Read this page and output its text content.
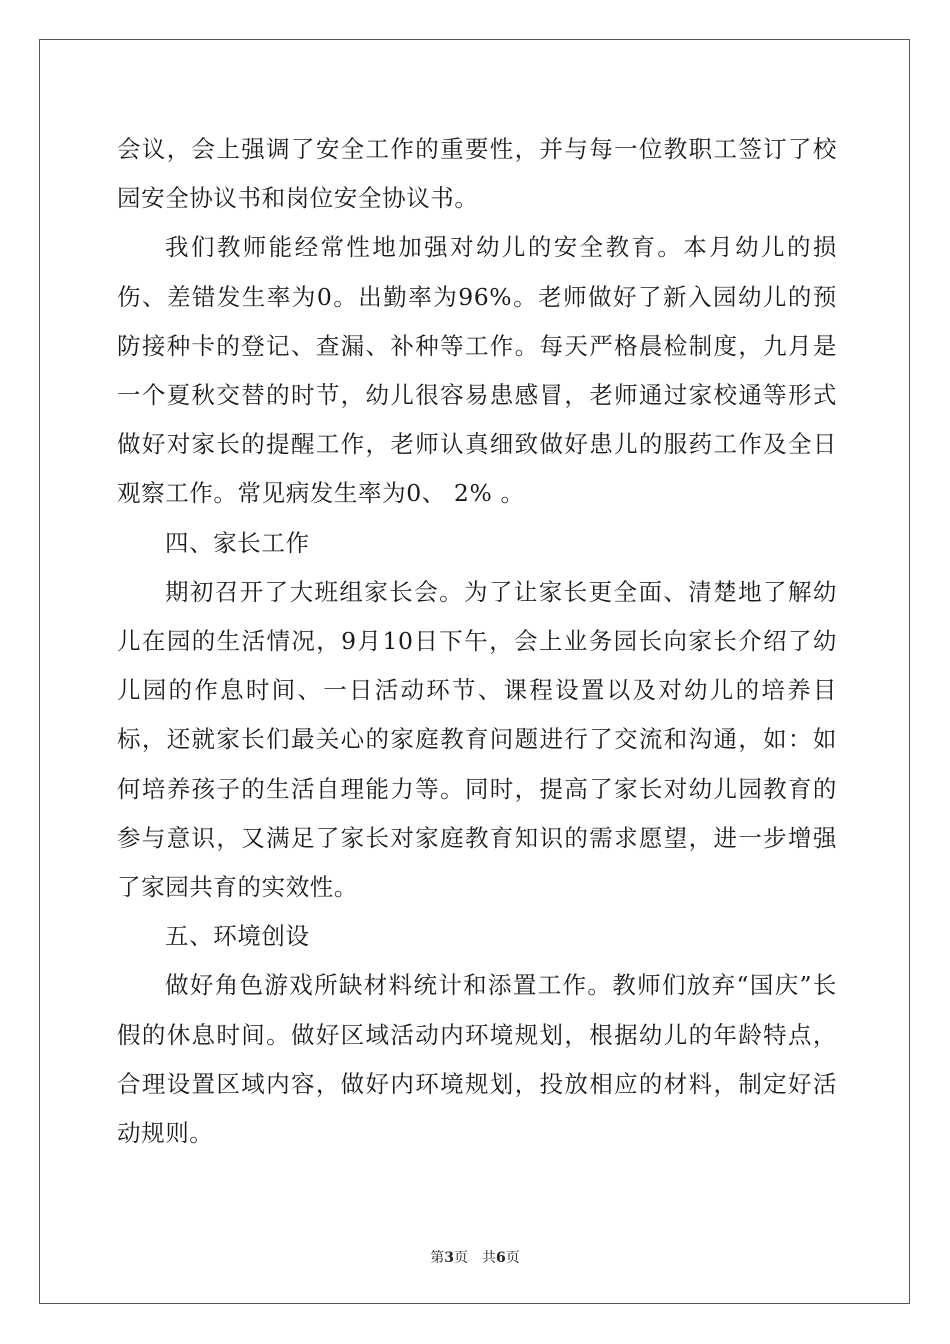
会议，会上强调了安全工作的重要性，并与每一位教职工签订了校园安全协议书和岗位安全协议书。

我们教师能经常性地加强对幼儿的安全教育。本月幼儿的损伤、差错发生率为0。出勤率为96%。老师做好了新入园幼儿的预防接种卡的登记、查漏、补种等工作。每天严格晨检制度，九月是一个夏秋交替的时节，幼儿很容易患感冒，老师通过家校通等形式做好对家长的提醒工作，老师认真细致做好患儿的服药工作及全日观察工作。常见病发生率为0、 2% 。

四、家长工作

期初召开了大班组家长会。为了让家长更全面、清楚地了解幼儿在园的生活情况，9月10日下午，会上业务园长向家长介绍了幼儿园的作息时间、一日活动环节、课程设置以及对幼儿的培养目标，还就家长们最关心的家庭教育问题进行了交流和沟通，如：如何培养孩子的生活自理能力等。同时，提高了家长对幼儿园教育的参与意识，又满足了家长对家庭教育知识的需求愿望，进一步增强了家园共育的实效性。

五、环境创设

做好角色游戏所缺材料统计和添置工作。教师们放弃“国庆”长假的休息时间。做好区域活动内环境规划，根据幼儿的年龄特点，合理设置区域内容，做好内环境规划，投放相应的材料，制定好活动规则。

第3页 共6页
